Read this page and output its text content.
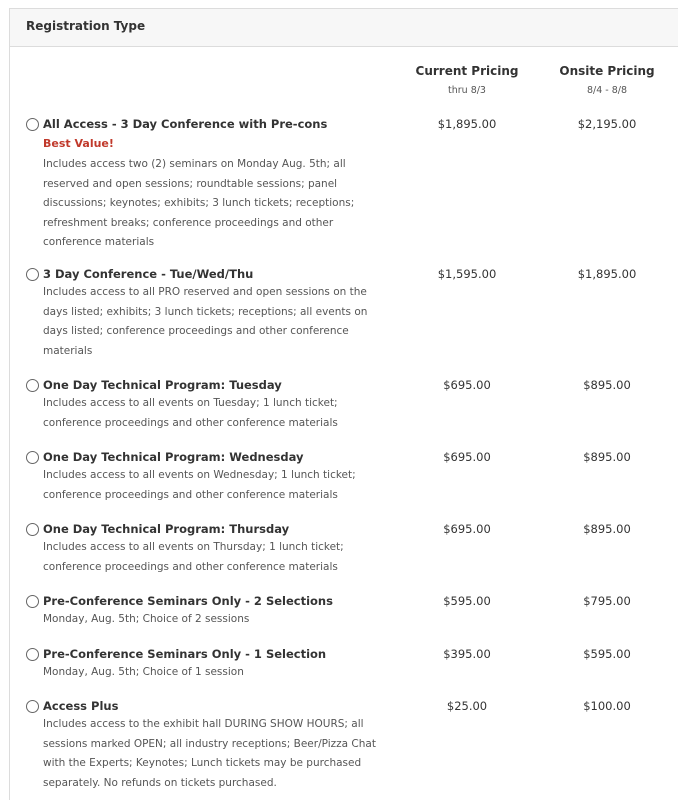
Registration Type
Current Pricing
thru 8/3
Onsite Pricing
8/4 - 8/8
All Access - 3 Day Conference with Pre-cons
Best Value!
Includes access two (2) seminars on Monday Aug. 5th; all
reserved and open sessions; roundtable sessions; panel
discussions; keynotes; exhibits; 3 lunch tickets; receptions;
refreshment breaks; conference proceedings and other
conference materials
$1,895.00	$2,195.00
3 Day Conference - Tue/Wed/Thu
Includes access to all PRO reserved and open sessions on the
days listed; exhibits; 3 lunch tickets; receptions; all events on
days listed; conference proceedings and other conference
materials
$1,595.00	$1,895.00
One Day Technical Program: Tuesday
Includes access to all events on Tuesday; 1 lunch ticket;
conference proceedings and other conference materials
$695.00	$895.00
One Day Technical Program: Wednesday
Includes access to all events on Wednesday; 1 lunch ticket;
conference proceedings and other conference materials
$695.00	$895.00
One Day Technical Program: Thursday
Includes access to all events on Thursday; 1 lunch ticket;
conference proceedings and other conference materials
$695.00	$895.00
Pre-Conference Seminars Only - 2 Selections
Monday, Aug. 5th; Choice of 2 sessions
$595.00	$795.00
Pre-Conference Seminars Only - 1 Selection
Monday, Aug. 5th; Choice of 1 session
$395.00	$595.00
Access Plus
Includes access to the exhibit hall DURING SHOW HOURS; all
sessions marked OPEN; all industry receptions; Beer/Pizza Chat
with the Experts; Keynotes; Lunch tickets may be purchased
separately. No refunds on tickets purchased.
$25.00	$100.00
